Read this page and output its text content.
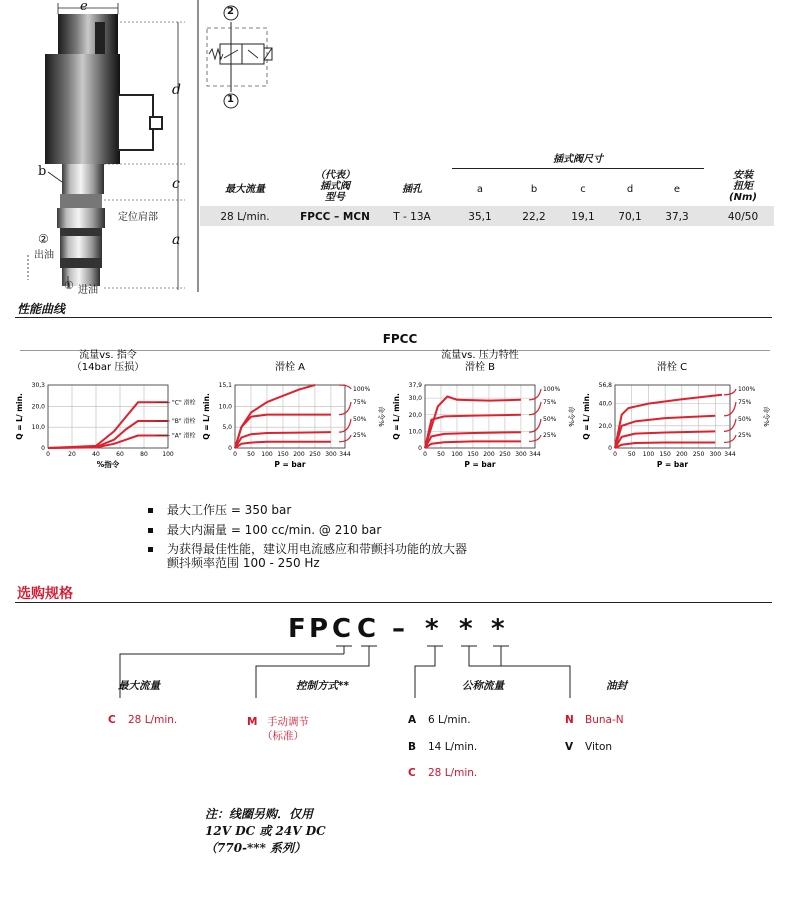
e
d
c
a
b
定位肩部
②
出油
① 进油
2
1
插式阀尺寸
最大流量
（代表）
插式阀
型号
插孔	a	b	c	d	e
安装
扭矩
(Nm)
28 L/min.	FPCC – MCN	T - 13A	35,1	22,2	19,1	70,1	37,3	40/50
性能曲线
FPCC
流量vs. 指令
（14bar 压损）
0	20	40	60	80 100
0
10,0
20,0
30,3
Q = L/ min.
%指令
"C" 滑栓
"B" 滑栓
"A" 滑栓
滑栓 A
0 50 100 150 200 250 300 344
0
5,0
10,0
15,1
Q = L/ min.
P = bar
100%
75%
50%
25%
命令%
流量vs. 压力特性
滑栓 B
0 50 100 150 200 250 300 344
0
10,0
20,0
30,0
37,9
Q = L/ min.
P = bar
100%
75%
50%
25%
命令%
滑栓 C
0 50 100 150 200 250 300 344
0
20,0
40,0
56,8
Q = L/ min.
P = bar
100%
75%
50%
25%
命令%
最大工作压 = 350 bar
最大内漏量 = 100 cc/min. @ 210 bar
为获得最佳性能，建议用电流感应和带颤抖功能的放大器
颤抖频率范围 100 - 250 Hz
选购规格
F P C C – * * *
最大流量	控制方式**	公称流量	油封
C 28 L/min.	M 手动调节
（标准）
A 6 L/min.
B 14 L/min.
C 28 L/min.
N Buna-N
V Viton
注：线圈另购．仅用
12V DC 或 24V DC
（770-*** 系列）
